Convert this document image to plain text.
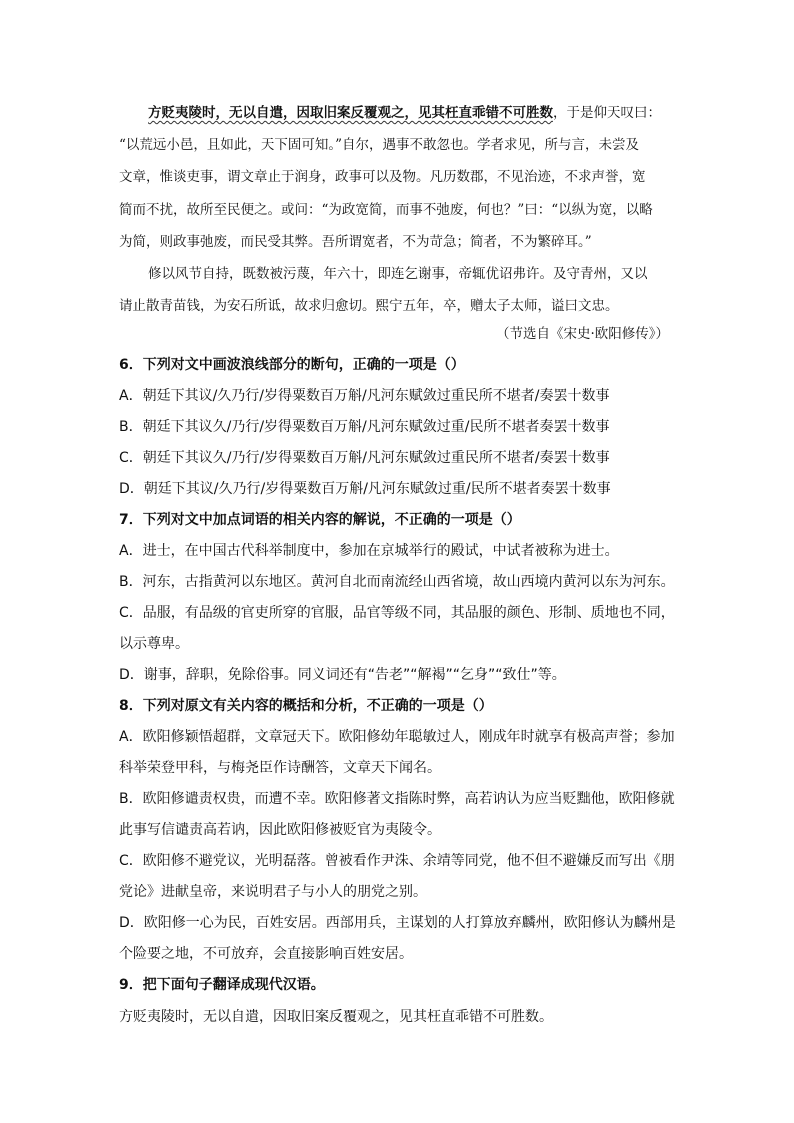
方贬夷陵时，无以自遣，因取旧案反覆观之，见其枉直乖错不可胜数，于是仰天叹曰：
“以荒远小邑，且如此，天下固可知。”自尔，遇事不敢忽也。学者求见，所与言，未尝及
文章，惟谈吏事，谓文章止于润身，政事可以及物。凡历数郡，不见治迹，不求声誉，宽
简而不扰，故所至民便之。或问：“为政宽简，而事不弛废，何也？”曰：“以纵为宽，以略
为简，则政事弛废，而民受其弊。吾所谓宽者，不为苛急；简者，不为繁碎耳。”
修以风节自持，既数被污蔑，年六十，即连乞谢事，帝辄优诏弗许。及守青州，又以
请止散青苗钱，为安石所诋，故求归愈切。熙宁五年，卒，赠太子太师，谥曰文忠。
（节选自《宋史·欧阳修传》）
6．下列对文中画波浪线部分的断句，正确的一项是（）
A．朝廷下其议/久乃行/岁得粟数百万斛/凡河东赋敛过重民所不堪者/奏罢十数事
B．朝廷下其议久/乃行/岁得粟数百万斛/凡河东赋敛过重/民所不堪者奏罢十数事
C．朝廷下其议久/乃行/岁得粟数百万斛/凡河东赋敛过重民所不堪者/奏罢十数事
D．朝廷下其议/久乃行/岁得粟数百万斛/凡河东赋敛过重/民所不堪者奏罢十数事
7．下列对文中加点词语的相关内容的解说，不正确的一项是（）
A．进士，在中国古代科举制度中，参加在京城举行的殿试，中试者被称为进士。
B．河东，古指黄河以东地区。黄河自北而南流经山西省境，故山西境内黄河以东为河东。
C．品服，有品级的官吏所穿的官服，品官等级不同，其品服的颜色、形制、质地也不同，
以示尊卑。
D．谢事，辞职，免除俗事。同义词还有“告老”“解褐”“乞身”“致仕”等。
8．下列对原文有关内容的概括和分析，不正确的一项是（）
A．欧阳修颖悟超群，文章冠天下。欧阳修幼年聪敏过人，刚成年时就享有极高声誉；参加
科举荣登甲科，与梅尧臣作诗酬答，文章天下闻名。
B．欧阳修谴责权贵，而遭不幸。欧阳修著文指陈时弊，高若讷认为应当贬黜他，欧阳修就
此事写信谴责高若讷，因此欧阳修被贬官为夷陵令。
C．欧阳修不避党议，光明磊落。曾被看作尹洙、余靖等同党，他不但不避嫌反而写出《朋
党论》进献皇帝，来说明君子与小人的朋党之别。
D．欧阳修一心为民，百姓安居。西部用兵，主谋划的人打算放弃麟州，欧阳修认为麟州是
个险要之地，不可放弃，会直接影响百姓安居。
9．把下面句子翻译成现代汉语。
方贬夷陵时，无以自遣，因取旧案反覆观之，见其枉直乖错不可胜数。
